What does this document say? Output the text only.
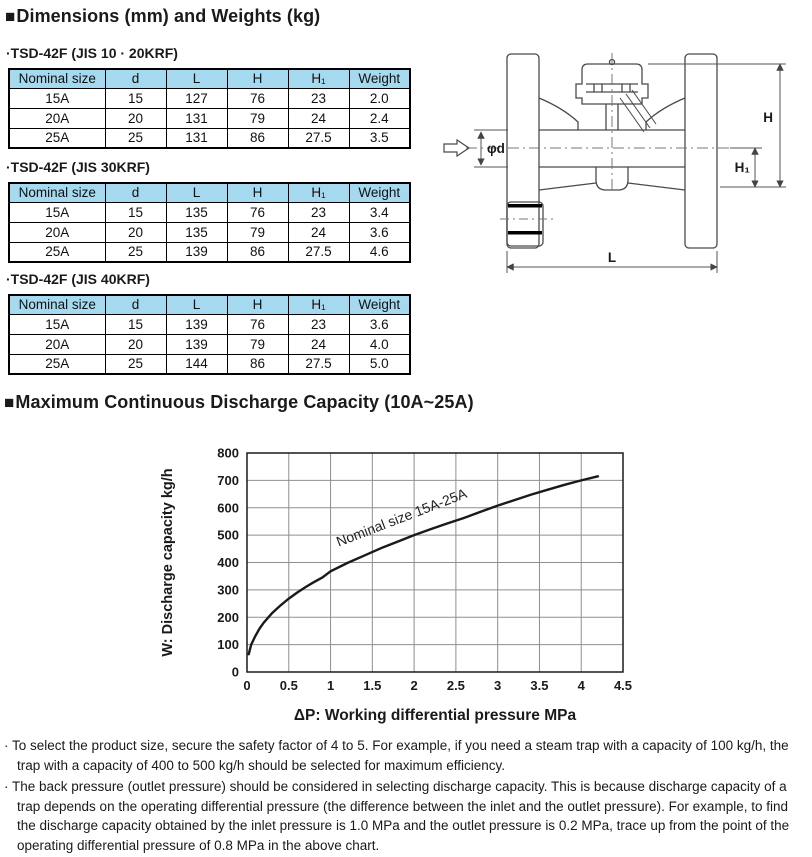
■Dimensions (mm) and Weights (kg)
·TSD-42F (JIS 10 · 20KRF)
Nominal size	d	L	H	H₁	Weight
15A	15	127	76	23	2.0
20A	20	131	79	24	2.4
25A	25	131	86	27.5	3.5
·TSD-42F (JIS 30KRF)
Nominal size	d	L	H	H₁	Weight
15A	15	135	76	23	3.4
20A	20	135	79	24	3.6
25A	25	139	86	27.5	4.6
·TSD-42F (JIS 40KRF)
Nominal size	d	L	H	H₁	Weight
15A	15	139	76	23	3.6
20A	20	139	79	24	4.0
25A	25	144	86	27.5	5.0
H
H₁
L
φd
■Maximum Continuous Discharge Capacity (10A~25A)
0 0.5 1 1.5 2 2.5 3 3.5 4 4.5
0
100
200
300
400
500
600
700
800
W: Discharge capacity kg/h
ΔP: Working differential pressure MPa
Nominal size 15A-25A
· To select the product size, secure the safety factor of 4 to 5. For example, if you need a steam trap with a capacity of 100 kg/h, the trap with a capacity of 400 to 500 kg/h should be selected for maximum efficiency.
· The back pressure (outlet pressure) should be considered in selecting discharge capacity. This is because discharge capacity of a trap depends on the operating differential pressure (the difference between the inlet and the outlet pressure). For example, to find the discharge capacity obtained by the inlet pressure is 1.0 MPa and the outlet pressure is 0.2 MPa, trace up from the point of the operating differential pressure of 0.8 MPa in the above chart.
